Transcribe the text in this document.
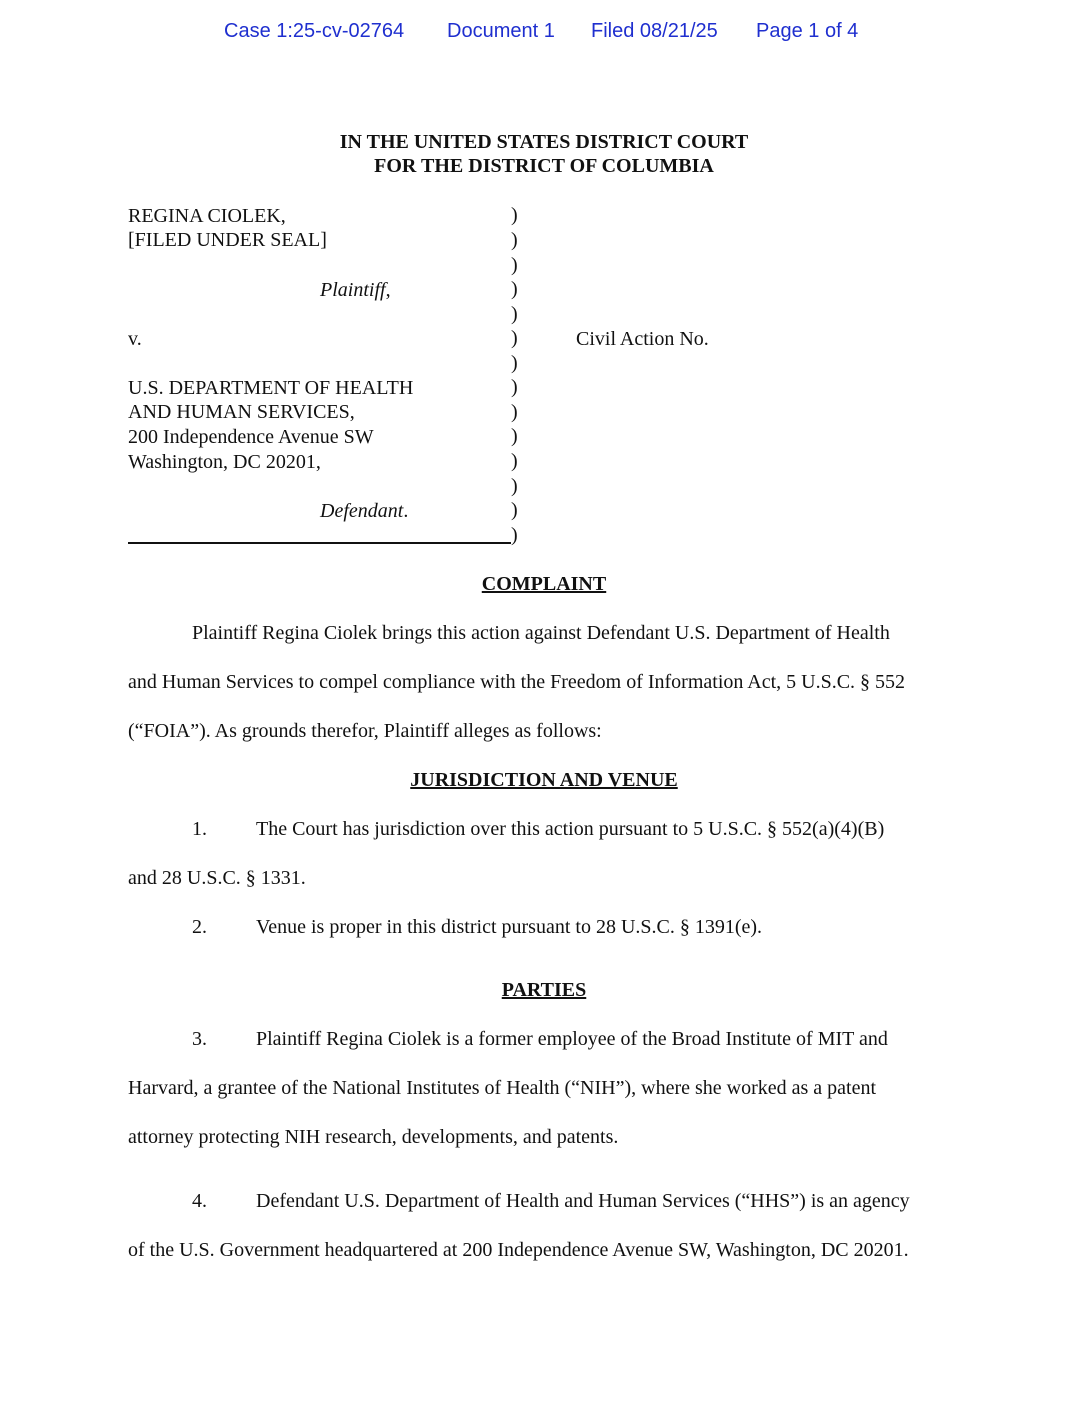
Case 1:25-cv-02764 Document 1 Filed 08/21/25 Page 1 of 4
IN THE UNITED STATES DISTRICT COURT
FOR THE DISTRICT OF COLUMBIA
REGINA CIOLEK,
[FILED UNDER SEAL]
Plaintiff,
v.
U.S. DEPARTMENT OF HEALTH
AND HUMAN SERVICES,
200 Independence Avenue SW
Washington, DC 20201,
Defendant.
Civil Action No.
)
)
)
)
)
)
)
)
)
)
)
)
)
)
COMPLAINT
Plaintiff Regina Ciolek brings this action against Defendant U.S. Department of Health
and Human Services to compel compliance with the Freedom of Information Act, 5 U.S.C. § 552
(“FOIA”). As grounds therefor, Plaintiff alleges as follows:
JURISDICTION AND VENUE
1. The Court has jurisdiction over this action pursuant to 5 U.S.C. § 552(a)(4)(B)
and 28 U.S.C. § 1331.
2. Venue is proper in this district pursuant to 28 U.S.C. § 1391(e).
PARTIES
3. Plaintiff Regina Ciolek is a former employee of the Broad Institute of MIT and
Harvard, a grantee of the National Institutes of Health (“NIH”), where she worked as a patent
attorney protecting NIH research, developments, and patents.
4. Defendant U.S. Department of Health and Human Services (“HHS”) is an agency
of the U.S. Government headquartered at 200 Independence Avenue SW, Washington, DC 20201.
